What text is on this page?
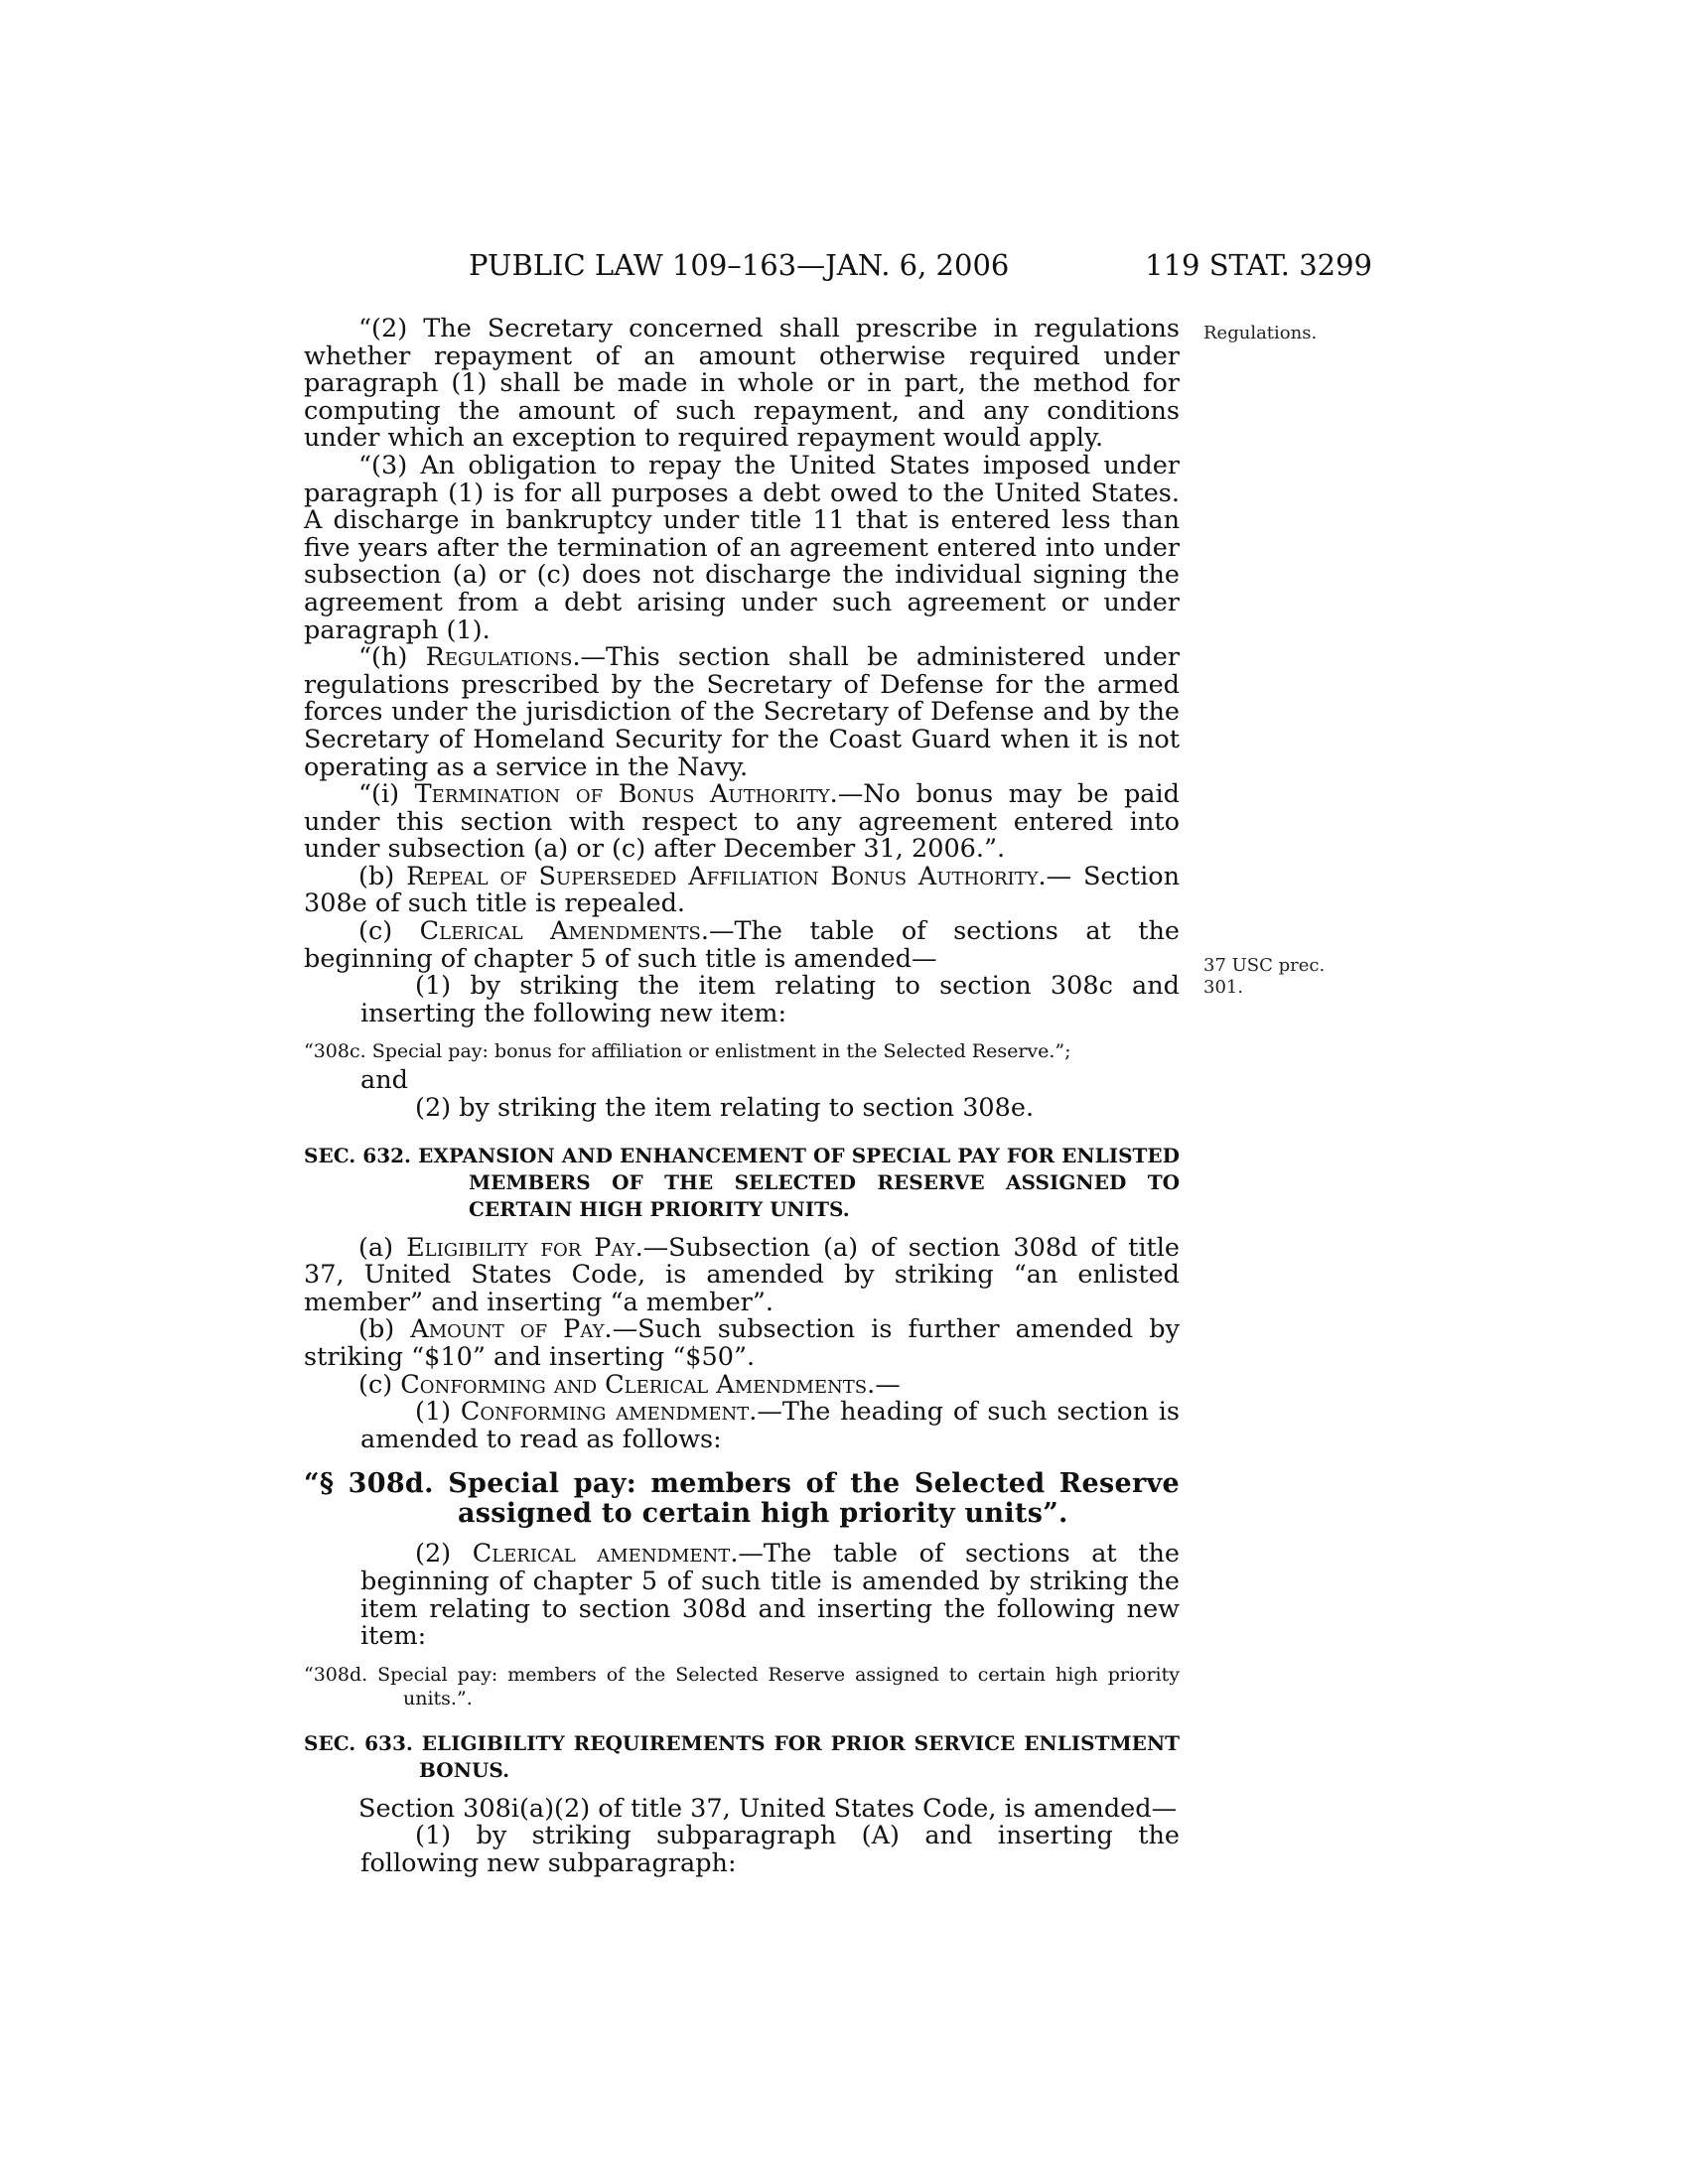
PUBLIC LAW 109–163—JAN. 6, 2006	119 STAT. 3299
Regulations.
37 USC prec. 301.

“(2) The Secretary concerned shall prescribe in regulations whether repayment of an amount otherwise required under paragraph (1) shall be made in whole or in part, the method for computing the amount of such repayment, and any conditions under which an exception to required repayment would apply.

“(3) An obligation to repay the United States imposed under paragraph (1) is for all purposes a debt owed to the United States. A discharge in bankruptcy under title 11 that is entered less than five years after the termination of an agreement entered into under subsection (a) or (c) does not discharge the individual signing the agreement from a debt arising under such agreement or under paragraph (1).

“(h) Regulations.—This section shall be administered under regulations prescribed by the Secretary of Defense for the armed forces under the jurisdiction of the Secretary of Defense and by the Secretary of Homeland Security for the Coast Guard when it is not operating as a service in the Navy.

“(i) Termination of Bonus Authority.—No bonus may be paid under this section with respect to any agreement entered into under subsection (a) or (c) after December 31, 2006.”.

(b) Repeal of Superseded Affiliation Bonus Authority.— Section 308e of such title is repealed.

(c) Clerical Amendments.—The table of sections at the beginning of chapter 5 of such title is amended—

(1) by striking the item relating to section 308c and inserting the following new item:

“308c. Special pay: bonus for affiliation or enlistment in the Selected Reserve.”;

and

(2) by striking the item relating to section 308e.

SEC. 632. EXPANSION AND ENHANCEMENT OF SPECIAL PAY FOR ENLISTED MEMBERS OF THE SELECTED RESERVE ASSIGNED TO CERTAIN HIGH PRIORITY UNITS.

(a) Eligibility for Pay.—Subsection (a) of section 308d of title 37, United States Code, is amended by striking “an enlisted member” and inserting “a member”.

(b) Amount of Pay.—Such subsection is further amended by striking “$10” and inserting “$50”.

(c) Conforming and Clerical Amendments.—

(1) Conforming amendment.—The heading of such section is amended to read as follows:

“§ 308d. Special pay: members of the Selected Reserve assigned to certain high priority units”.

(2) Clerical amendment.—The table of sections at the beginning of chapter 5 of such title is amended by striking the item relating to section 308d and inserting the following new item:

“308d. Special pay: members of the Selected Reserve assigned to certain high priority units.”.

SEC. 633. ELIGIBILITY REQUIREMENTS FOR PRIOR SERVICE ENLISTMENT BONUS.

Section 308i(a)(2) of title 37, United States Code, is amended—

(1) by striking subparagraph (A) and inserting the following new subparagraph:
